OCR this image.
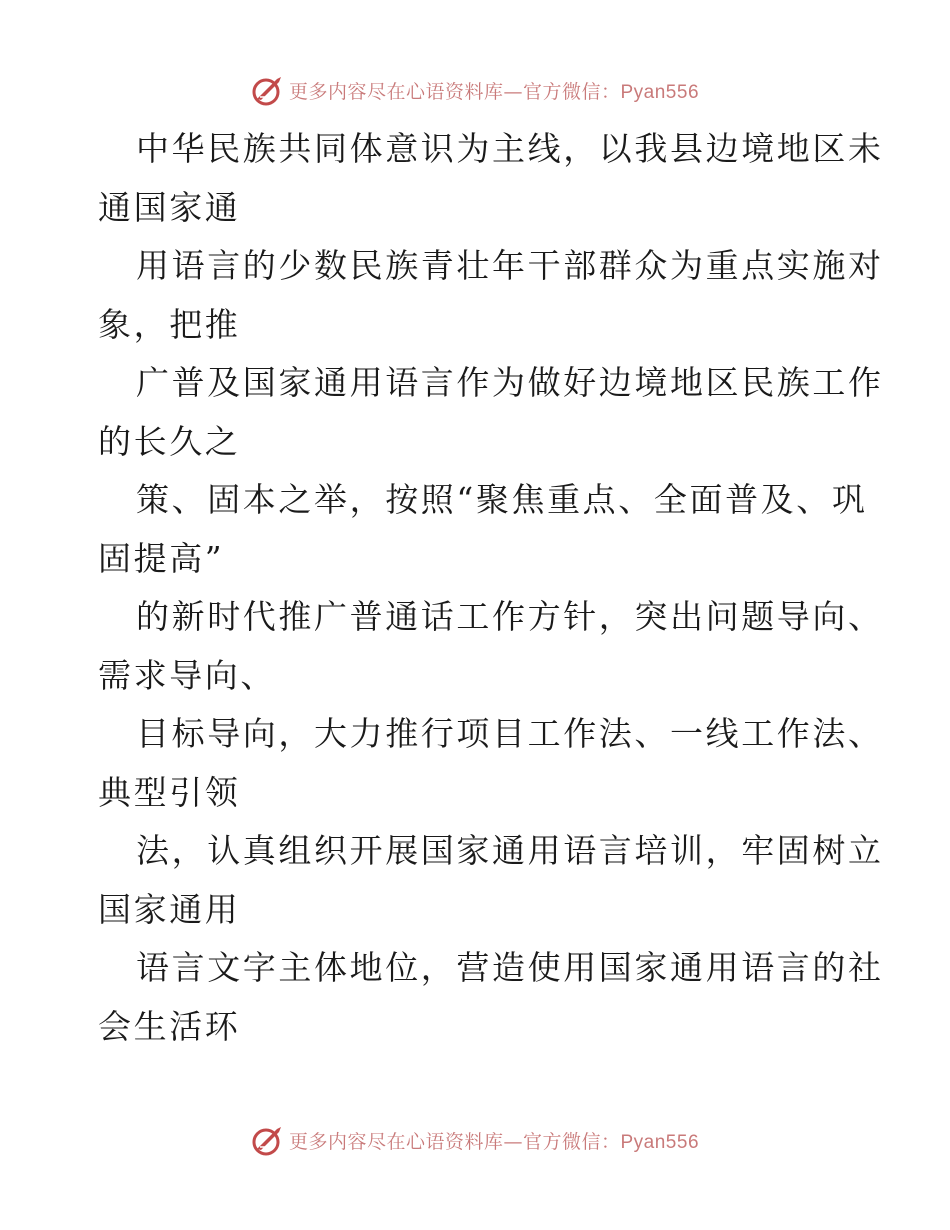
更多内容尽在心语资料库—官方微信：Pyan556
中华民族共同体意识为主线，以我县边境地区未
通国家通
用语言的少数民族青壮年干部群众为重点实施对
象，把推
广普及国家通用语言作为做好边境地区民族工作
的长久之
策、固本之举，按照“聚焦重点、全面普及、巩
固提高”
的新时代推广普通话工作方针，突出问题导向、
需求导向、
目标导向，大力推行项目工作法、一线工作法、
典型引领
法，认真组织开展国家通用语言培训，牢固树立
国家通用
语言文字主体地位，营造使用国家通用语言的社
会生活环
更多内容尽在心语资料库—官方微信：Pyan556
